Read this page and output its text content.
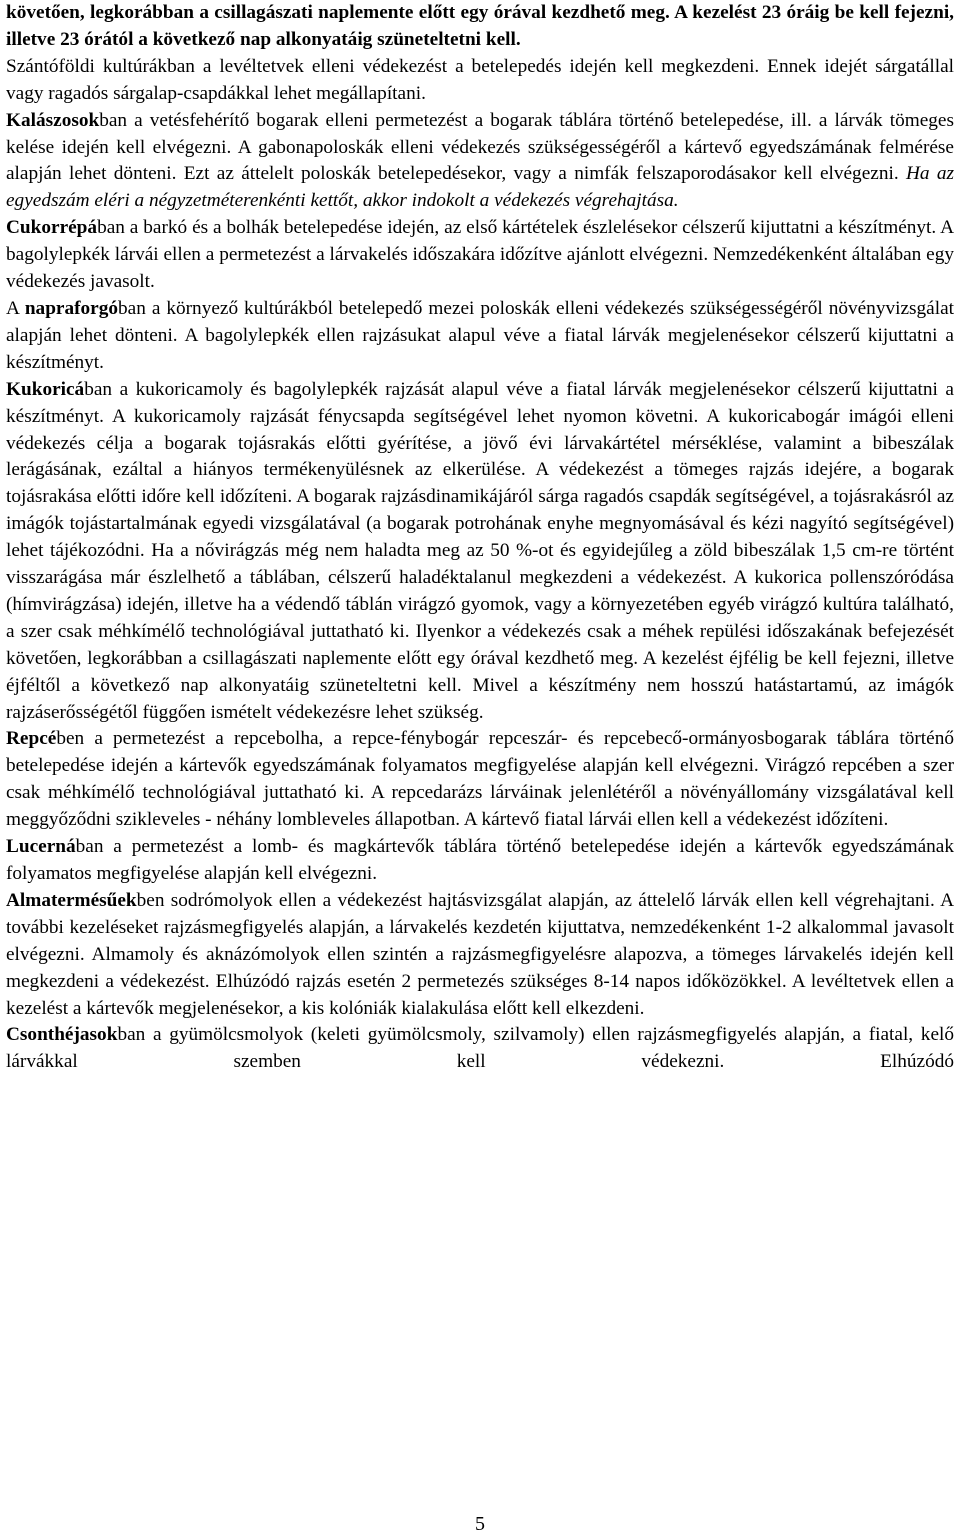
követően, legkorábban a csillagászati naplemente előtt egy órával kezdhető meg. A kezelést 23 óráig be kell fejezni, illetve 23 órától a következő nap alkonyatáig szüneteltetni kell.

Szántóföldi kultúrákban a levéltetvek elleni védekezést a betelepedés idején kell megkezdeni. Ennek idejét sárgatállal vagy ragadós sárgalap-csapdákkal lehet megállapítani.

Kalászosokban a vetésfehérítő bogarak elleni permetezést a bogarak táblára történő betelepedése, ill. a lárvák tömeges kelése idején kell elvégezni. A gabonapoloskák elleni védekezés szükségességéről a kártevő egyedszámának felmérése alapján lehet dönteni. Ezt az áttelelt poloskák betelepedésekor, vagy a nimfák felszaporodásakor kell elvégezni. Ha az egyedszám eléri a négyzetméterenkénti kettőt, akkor indokolt a védekezés végrehajtása.

Cukorrépában a barkó és a bolhák betelepedése idején, az első kártételek észlelésekor célszerű kijuttatni a készítményt. A bagolylepkék lárvái ellen a permetezést a lárvakelés időszakára időzítve ajánlott elvégezni. Nemzedékenként általában egy védekezés javasolt.

A napraforgóban a környező kultúrákból betelepedő mezei poloskák elleni védekezés szükségességéről növényvizsgálat alapján lehet dönteni. A bagolylepkék ellen rajzásukat alapul véve a fiatal lárvák megjelenésekor célszerű kijuttatni a készítményt.

Kukoricában a kukoricamoly és bagolylepkék rajzását alapul véve a fiatal lárvák megjelenésekor célszerű kijuttatni a készítményt. A kukoricamoly rajzását fénycsapda segítségével lehet nyomon követni. A kukoricabogár imágói elleni védekezés célja a bogarak tojásrakás előtti gyérítése, a jövő évi lárvakártétel mérséklése, valamint a bibeszálak lerágásának, ezáltal a hiányos termékenyülésnek az elkerülése. A védekezést a tömeges rajzás idejére, a bogarak tojásrakása előtti időre kell időzíteni. A bogarak rajzásdinamikájáról sárga ragadós csapdák segítségével, a tojásrakásról az imágók tojástartalmának egyedi vizsgálatával (a bogarak potrohának enyhe megnyomásával és kézi nagyító segítségével) lehet tájékozódni. Ha a nővirágzás még nem haladta meg az 50 %-ot és egyidejűleg a zöld bibeszálak 1,5 cm-re történt visszarágása már észlelhető a táblában, célszerű haladéktalanul megkezdeni a védekezést. A kukorica pollenszóródása (hímvirágzása) idején, illetve ha a védendő táblán virágzó gyomok, vagy a környezetében egyéb virágzó kultúra található, a szer csak méhkímélő technológiával juttatható ki. Ilyenkor a védekezés csak a méhek repülési időszakának befejezését követően, legkorábban a csillagászati naplemente előtt egy órával kezdhető meg. A kezelést éjfélig be kell fejezni, illetve éjféltől a következő nap alkonyatáig szüneteltetni kell. Mivel a készítmény nem hosszú hatástartamú, az imágók rajzáserősségétől függően ismételt védekezésre lehet szükség.

Repcében a permetezést a repcebolha, a repce-fénybogár repceszár- és repcebecő-ormányosbogarak táblára történő betelepedése idején a kártevők egyedszámának folyamatos megfigyelése alapján kell elvégezni. Virágzó repcében a szer csak méhkímélő technológiával juttatható ki. A repcedarázs lárváinak jelenlétéről a növényállomány vizsgálatával kell meggyőződni szikleveles - néhány lombleveles állapotban. A kártevő fiatal lárvái ellen kell a védekezést időzíteni.

Lucernában a permetezést a lomb- és magkártevők táblára történő betelepedése idején a kártevők egyedszámának folyamatos megfigyelése alapján kell elvégezni.

Almatermésűekben sodrómolyok ellen a védekezést hajtásvizsgálat alapján, az áttelelő lárvák ellen kell végrehajtani. A további kezeléseket rajzásmegfigyelés alapján, a lárvakelés kezdetén kijuttatva, nemzedékenként 1-2 alkalommal javasolt elvégezni. Almamoly és aknázómolyok ellen szintén a rajzásmegfigyelésre alapozva, a tömeges lárvakelés idején kell megkezdeni a védekezést. Elhúzódó rajzás esetén 2 permetezés szükséges 8-14 napos időközökkel. A levéltetvek ellen a kezelést a kártevők megjelenésekor, a kis kolóniák kialakulása előtt kell elkezdeni.

Csonthéjasokban a gyümölcsmolyok (keleti gyümölcsmoly, szilvamoly) ellen rajzásmegfigyelés alapján, a fiatal, kelő lárvákkal szemben kell védekezni. Elhúzódó

5
